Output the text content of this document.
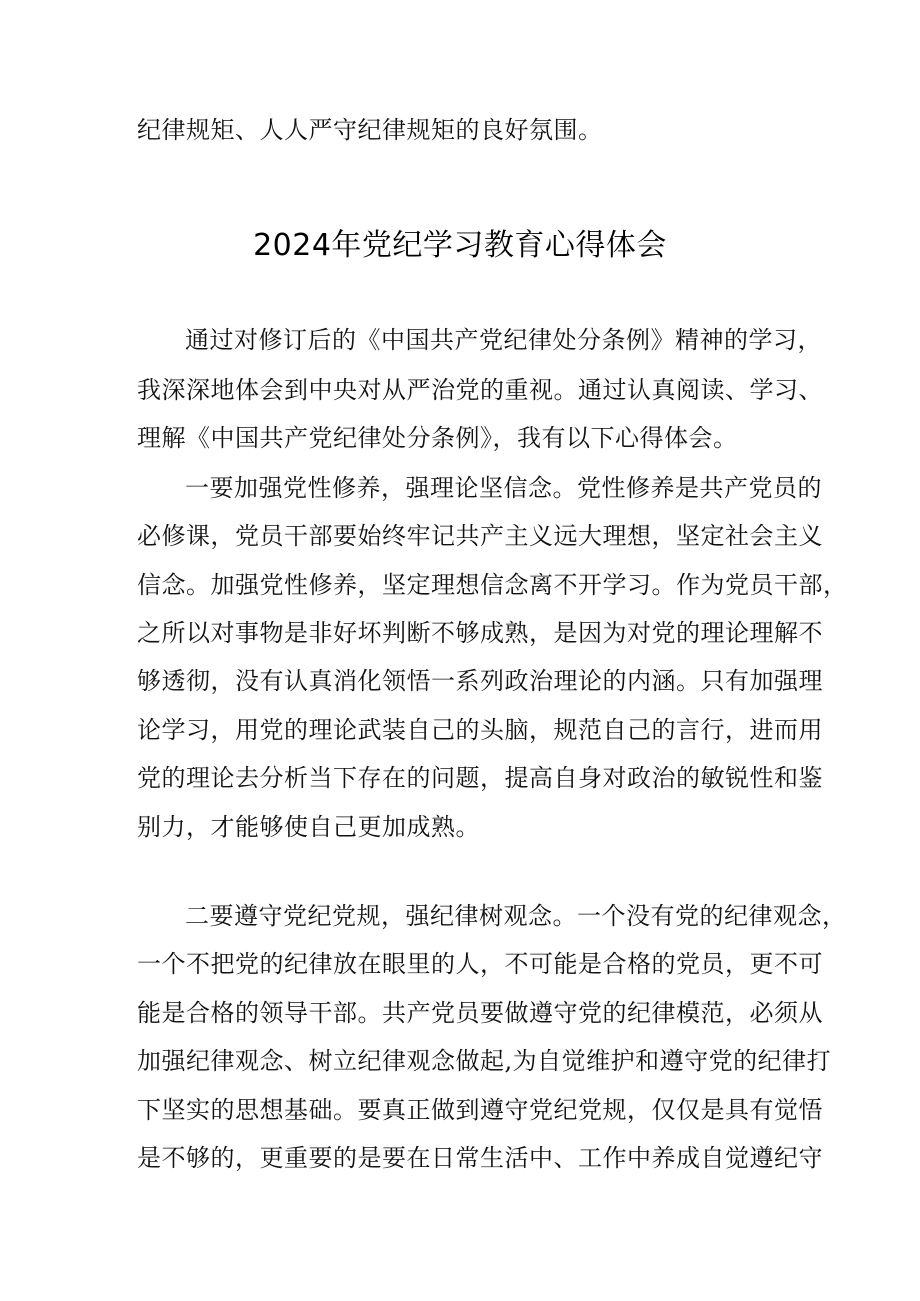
纪律规矩、人人严守纪律规矩的良好氛围。
2024年党纪学习教育心得体会
通过对修订后的《中国共产党纪律处分条例》精神的学习，
我深深地体会到中央对从严治党的重视。通过认真阅读、学习、
理解《中国共产党纪律处分条例》，我有以下心得体会。
一要加强党性修养，强理论坚信念。党性修养是共产党员的
必修课，党员干部要始终牢记共产主义远大理想，坚定社会主义
信念。加强党性修养，坚定理想信念离不开学习。作为党员干部，
之所以对事物是非好坏判断不够成熟，是因为对党的理论理解不
够透彻，没有认真消化领悟一系列政治理论的内涵。只有加强理
论学习，用党的理论武装自己的头脑，规范自己的言行，进而用
党的理论去分析当下存在的问题，提高自身对政治的敏锐性和鉴
别力，才能够使自己更加成熟。
二要遵守党纪党规，强纪律树观念。一个没有党的纪律观念，
一个不把党的纪律放在眼里的人，不可能是合格的党员，更不可
能是合格的领导干部。共产党员要做遵守党的纪律模范，必须从
加强纪律观念、树立纪律观念做起,为自觉维护和遵守党的纪律打
下坚实的思想基础。要真正做到遵守党纪党规，仅仅是具有觉悟
是不够的，更重要的是要在日常生活中、工作中养成自觉遵纪守
